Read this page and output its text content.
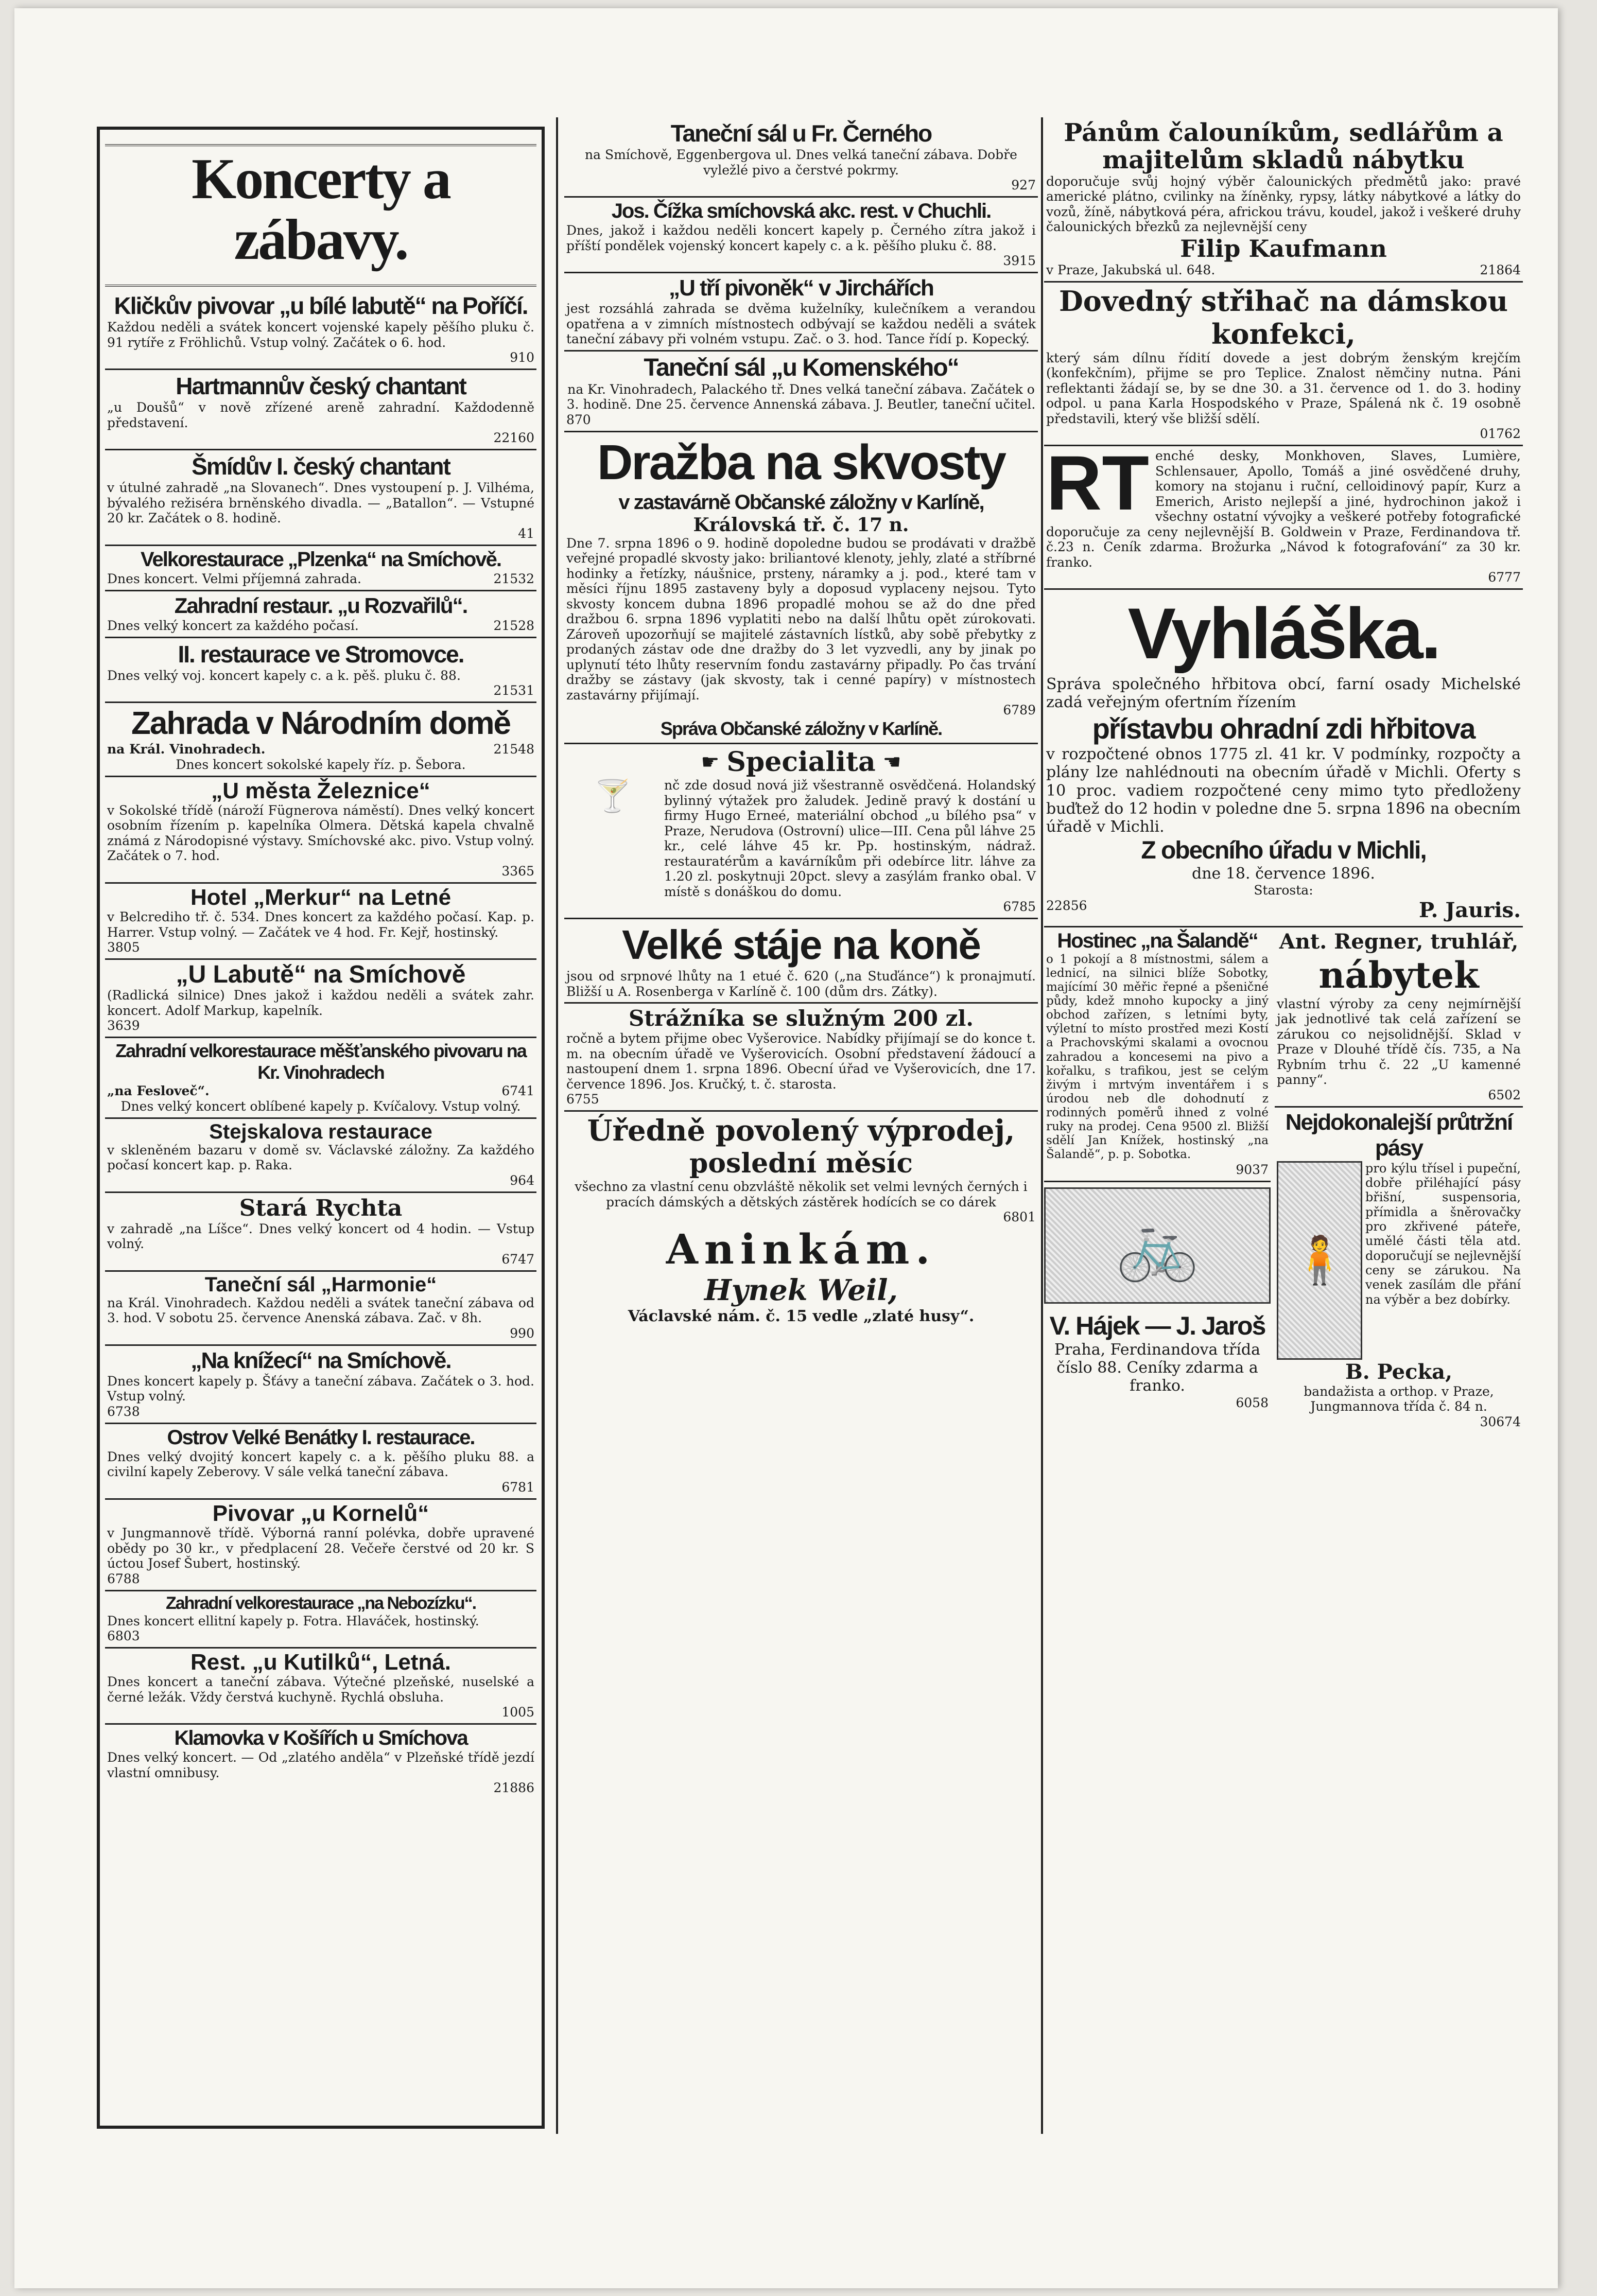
Koncerty a zábavy.
Kličkův pivovar „u bílé labutě“ na Poříčí.
Každou neděli a svátek koncert vojenské kapely pěšího pluku č. 91 rytíře z Fröhlichů. Vstup volný. Začátek o 6. hod.
910
Hartmannův český chantant
„u Doušů“ v nově zřízené areně zahradní. Každodenně představení.
22160
Šmídův I. český chantant
v útulné zahradě „na Slovanech“. Dnes vystoupení p. J. Vilhéma, bývalého režiséra brněnského divadla. — „Batallon“. — Vstupné 20 kr. Začátek o 8. hodině.
41
Velkorestaurace „Plzenka“ na Smíchově.
Dnes koncert. Velmi příjemná zahrada.	21532
Zahradní restaur. „u Rozvařilů“.
Dnes velký koncert za každého počasí.	21528
II. restaurace ve Stromovce.
Dnes velký voj. koncert kapely c. a k. pěš. pluku č. 88.
21531
Zahrada v Národním domě
na Král. Vinohradech.	21548
Dnes koncert sokolské kapely říz. p. Šebora.
„U města Železnice“
v Sokolské třídě (nároží Fügnerova náměstí). Dnes velký koncert osobním řízením p. kapelníka Olmera. Dětská kapela chvalně známá z Národopisné výstavy. Smíchovské akc. pivo. Vstup volný. Začátek o 7. hod.
3365
Hotel „Merkur“ na Letné
v Belcrediho tř. č. 534. Dnes koncert za každého počasí. Kap. p. Harrer. Vstup volný. — Začátek ve 4 hod. Fr. Kejř, hostinský.
3805
„U Labutě“ na Smíchově
(Radlická silnice) Dnes jakož i každou neděli a svátek zahr. koncert. Adolf Markup, kapelník.
3639
Zahradní velkorestaurace měšťanského pivovaru na Kr. Vinohradech
„na Fesloveč“.	6741
Dnes velký koncert oblíbené kapely p. Kvíčalovy. Vstup volný.
Stejskalova restaurace
v skleněném bazaru v domě sv. Václavské záložny. Za každého počasí koncert kap. p. Raka.
964
Stará Rychta
v zahradě „na Líšce“. Dnes velký koncert od 4 hodin. — Vstup volný.
6747
Taneční sál „Harmonie“
na Král. Vinohradech. Každou neděli a svátek taneční zábava od 3. hod. V sobotu 25. července Anenská zábava. Zač. v 8h.
990
„Na knížecí“ na Smíchově.
Dnes koncert kapely p. Šťávy a taneční zábava. Začátek o 3. hod. Vstup volný.
6738
Ostrov Velké Benátky I. restaurace.
Dnes velký dvojitý koncert kapely c. a k. pěšího pluku 88. a civilní kapely Zeberovy. V sále velká taneční zábava.
6781
Pivovar „u Kornelů“
v Jungmannově třídě. Výborná ranní polévka, dobře upravené obědy po 30 kr., v předplacení 28. Večeře čerstvé od 20 kr. S úctou Josef Šubert, hostinský.
6788
Zahradní velkorestaurace „na Nebozízku“.
Dnes koncert ellitní kapely p. Fotra. Hlaváček, hostinský.
6803
Rest. „u Kutilků“, Letná.
Dnes koncert a taneční zábava. Výtečné plzeňské, nuselské a černé ležák. Vždy čerstvá kuchyně. Rychlá obsluha.
1005
Klamovka v Košířích u Smíchova
Dnes velký koncert. — Od „zlatého anděla“ v Plzeňské třídě jezdí vlastní omnibusy.
21886
Taneční sál u Fr. Černého
na Smíchově, Eggenbergova ul. Dnes velká taneční zábava. Dobře vyležlé pivo a čerstvé pokrmy.
927
Jos. Čížka smíchovská akc. rest. v Chuchli.
Dnes, jakož i každou neděli koncert kapely p. Černého zítra jakož i příští pondělek vojenský koncert kapely c. a k. pěšího pluku č. 88.
3915
„U tří pivoněk“ v Jirchářích
jest rozsáhlá zahrada se dvěma kuželníky, kulečníkem a verandou opatřena a v zimních místnostech odbývají se každou neděli a svátek taneční zábavy při volném vstupu. Zač. o 3. hod. Tance řídí p. Kopecký.
Taneční sál „u Komenského“
na Kr. Vinohradech, Palackého tř. Dnes velká taneční zábava. Začátek o 3. hodině. Dne 25. července Annenská zábava. J. Beutler, taneční učitel.
870
Dražba na skvosty
v zastavárně Občanské záložny v Karlíně,
Královská tř. č. 17 n.
Dne 7. srpna 1896 o 9. hodině dopoledne budou se prodávati v dražbě veřejné propadlé skvosty jako: briliantové klenoty, jehly, zlaté a stříbrné hodinky a řetízky, náušnice, prsteny, náramky a j. pod., které tam v měsíci říjnu 1895 zastaveny byly a doposud vyplaceny nejsou. Tyto skvosty koncem dubna 1896 propadlé mohou se až do dne před dražbou 6. srpna 1896 vyplatiti nebo na další lhůtu opět zúrokovati. Zároveň upozorňují se majitelé zástavních lístků, aby sobě přebytky z prodaných zástav ode dne dražby do 3 let vyzvedli, any by jinak po uplynutí této lhůty reservním fondu zastavárny připadly. Po čas trvání dražby se zástavy (jak skvosty, tak i cenné papíry) v místnostech zastavárny přijímají.
6789
Správa Občanské záložny v Karlíně.
☛ Specialita ☚
🍸	nč zde dosud nová již všestranně osvědčená. Holandský bylinný výtažek pro žaludek. Jedině pravý k dostání u firmy Hugo Erneé, materiální obchod „u bílého psa“ v Praze, Nerudova (Ostrovní) ulice—III. Cena půl láhve 25 kr., celé láhve 45 kr. Pp. hostinským, nádraž. restauratérům a kavárníkům při odebírce litr. láhve za 1.20 zl. poskytnuji 20pct. slevy a zasýlám franko obal. V místě s donáškou do domu.
6785
Velké stáje na koně
jsou od srpnové lhůty na 1 etué č. 620 („na Stuďánce“) k pronajmutí. Bližší u A. Rosenberga v Karlíně č. 100 (dům drs. Zátky).
Strážníka se služným 200 zl.
ročně a bytem přijme obec Vyšerovice. Nabídky přijímají se do konce t. m. na obecním úřadě ve Vyšerovicích. Osobní představení žádoucí a nastoupení dnem 1. srpna 1896. Obecní úřad ve Vyšerovicích, dne 17. července 1896. Jos. Kručký, t. č. starosta.
6755
Úředně povolený výprodej,
poslední měsíc
všechno za vlastní cenu obzvláště několik set velmi levných černých i pracích dámských a dětských zástěrek hodících se co dárek
6801
Aninkám.
Hynek Weil,
Václavské nám. č. 15 vedle „zlaté husy“.
Pánům čalouníkům, sedlářům a majitelům skladů nábytku
doporučuje svůj hojný výběr čalounických předmětů jako: pravé americké plátno, cvilinky na žíněnky, rypsy, látky nábytkové a látky do vozů, žíně, nábytková péra, africkou trávu, koudel, jakož i veškeré druhy čalounických březků za nejlevnější ceny
Filip Kaufmann
v Praze, Jakubská ul. 648.	21864
Dovedný střihač na dámskou konfekci,
který sám dílnu řídití dovede a jest dobrým ženským krejčím (konfekčním), přijme se pro Teplice. Znalost němčiny nutna. Páni reflektanti žádají se, by se dne 30. a 31. července od 1. do 3. hodiny odpol. u pana Karla Hospodského v Praze, Spálená nk č. 19 osobně představili, který vše bližší sdělí.
01762
RT enché desky, Monkhoven, Slaves, Lumière, Schlensauer, Apollo, Tomáš a jiné osvědčené druhy, komory na stojanu i ruční, celloidinový papír, Kurz a Emerich, Aristo nejlepší a jiné, hydrochinon jakož i všechny ostatní vývojky a veškeré potřeby fotografické doporučuje za ceny nejlevnější B. Goldwein v Praze, Ferdinandova tř. č.23 n. Ceník zdarma. Brožurka „Návod k fotografování“ za 30 kr. franko.
6777
Vyhláška.
Správa společného hřbitova obcí, farní osady Michelské zadá veřejným ofertním řízením
přístavbu ohradní zdi hřbitova
v rozpočtené obnos 1775 zl. 41 kr. V podmínky, rozpočty a plány lze nahlédnouti na obecním úřadě v Michli. Oferty s 10 proc. vadiem rozpočtené ceny mimo tyto předloženy buďtež do 12 hodin v poledne dne 5. srpna 1896 na obecním úřadě v Michli.
Z obecního úřadu v Michli,
dne 18. července 1896.
Starosta:
22856	P. Jauris.
Hostinec „na Šalandě“
o 1 pokojí a 8 místnostmi, sálem a lednicí, na silnici blíže Sobotky, majícímí 30 měřic řepné a pšeničné půdy, kdež mnoho kupocky a jiný obchod zařízen, s letními byty, výletní to místo prostřed mezi Kostí a Prachovskými skalami a ovocnou zahradou a koncesemi na pivo a kořalku, s trafikou, jest se celým živým i mrtvým inventářem i s úrodou neb dle dohodnutí z rodinných poměrů ihned z volné ruky na prodej. Cena 9500 zl. Bližší sdělí Jan Knížek, hostinský „na Šalandě“, p. p. Sobotka.
9037
🚲
V. Hájek — J. Jaroš
Praha, Ferdinandova třída číslo 88. Ceníky zdarma a franko.
6058
Ant. Regner, truhlář,
nábytek
vlastní výroby za ceny nejmírnější jak jednotlivé tak celá zařízení se zárukou co nejsolidnější. Sklad v Praze v Dlouhé třídě čís. 735, a Na Rybním trhu č. 22 „U kamenné panny“.
6502
Nejdokonalejší průtržní pásy
🧍
pro kýlu třísel i pupeční, dobře přiléhající pásy břišní, suspensoria, přímidla a šněrovačky pro zkřivené páteře, umělé části těla atd. doporučují se nejlevnější ceny se zárukou. Na venek zasílám dle přání na výběr a bez dobírky.
B. Pecka,
bandažista a orthop. v Praze, Jungmannova třída č. 84 n.
30674
